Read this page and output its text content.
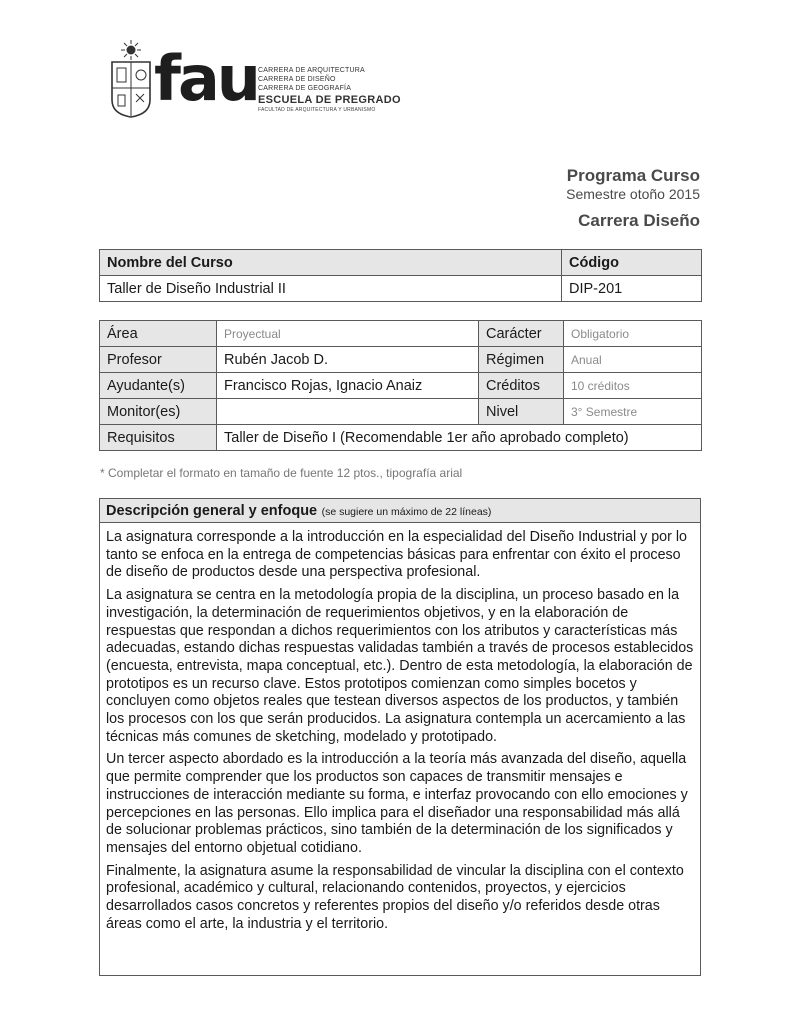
fau CARRERA DE ARQUITECTURA
CARRERA DE DISEÑO
CARRERA DE GEOGRAFÍA
ESCUELA DE PREGRADO
FACULTAD DE ARQUITECTURA Y URBANISMO
Programa Curso
Semestre otoño 2015
Carrera Diseño
Nombre del Curso	Código
Taller de Diseño Industrial II	DIP-201
Área	Proyectual	Carácter	Obligatorio
Profesor	Rubén Jacob D.	Régimen	Anual
Ayudante(s)	Francisco Rojas, Ignacio Anaiz	Créditos	10 créditos
Monitor(es)		Nivel	3° Semestre
Requisitos	Taller de Diseño I (Recomendable 1er año aprobado completo)		
* Completar el formato en tamaño de fuente 12 ptos., tipografía arial
Descripción general y enfoque (se sugiere un máximo de 22 líneas)

La asignatura corresponde a la introducción en la especialidad del Diseño Industrial y por lo tanto se enfoca en la entrega de competencias básicas para enfrentar con éxito el proceso de diseño de productos desde una perspectiva profesional.

La asignatura se centra en la metodología propia de la disciplina, un proceso basado en la investigación, la determinación de requerimientos objetivos, y en la elaboración de respuestas que respondan a dichos requerimientos con los atributos y características más adecuadas, estando dichas respuestas validadas también a través de procesos establecidos (encuesta, entrevista, mapa conceptual, etc.). Dentro de esta metodología, la elaboración de prototipos es un recurso clave. Estos prototipos comienzan como simples bocetos y concluyen como objetos reales que testean diversos aspectos de los productos, y también los procesos con los que serán producidos. La asignatura contempla un acercamiento a las técnicas más comunes de sketching, modelado y prototipado.

Un tercer aspecto abordado es la introducción a la teoría más avanzada del diseño, aquella que permite comprender que los productos son capaces de transmitir mensajes e instrucciones de interacción mediante su forma, e interfaz provocando con ello emociones y percepciones en las personas. Ello implica para el diseñador una responsabilidad más allá de solucionar problemas prácticos, sino también de la determinación de los significados y mensajes del entorno objetual cotidiano.

Finalmente, la asignatura asume la responsabilidad de vincular la disciplina con el contexto profesional, académico y cultural, relacionando contenidos, proyectos, y ejercicios desarrollados casos concretos y referentes propios del diseño y/o referidos desde otras áreas como el arte, la industria y el territorio.
